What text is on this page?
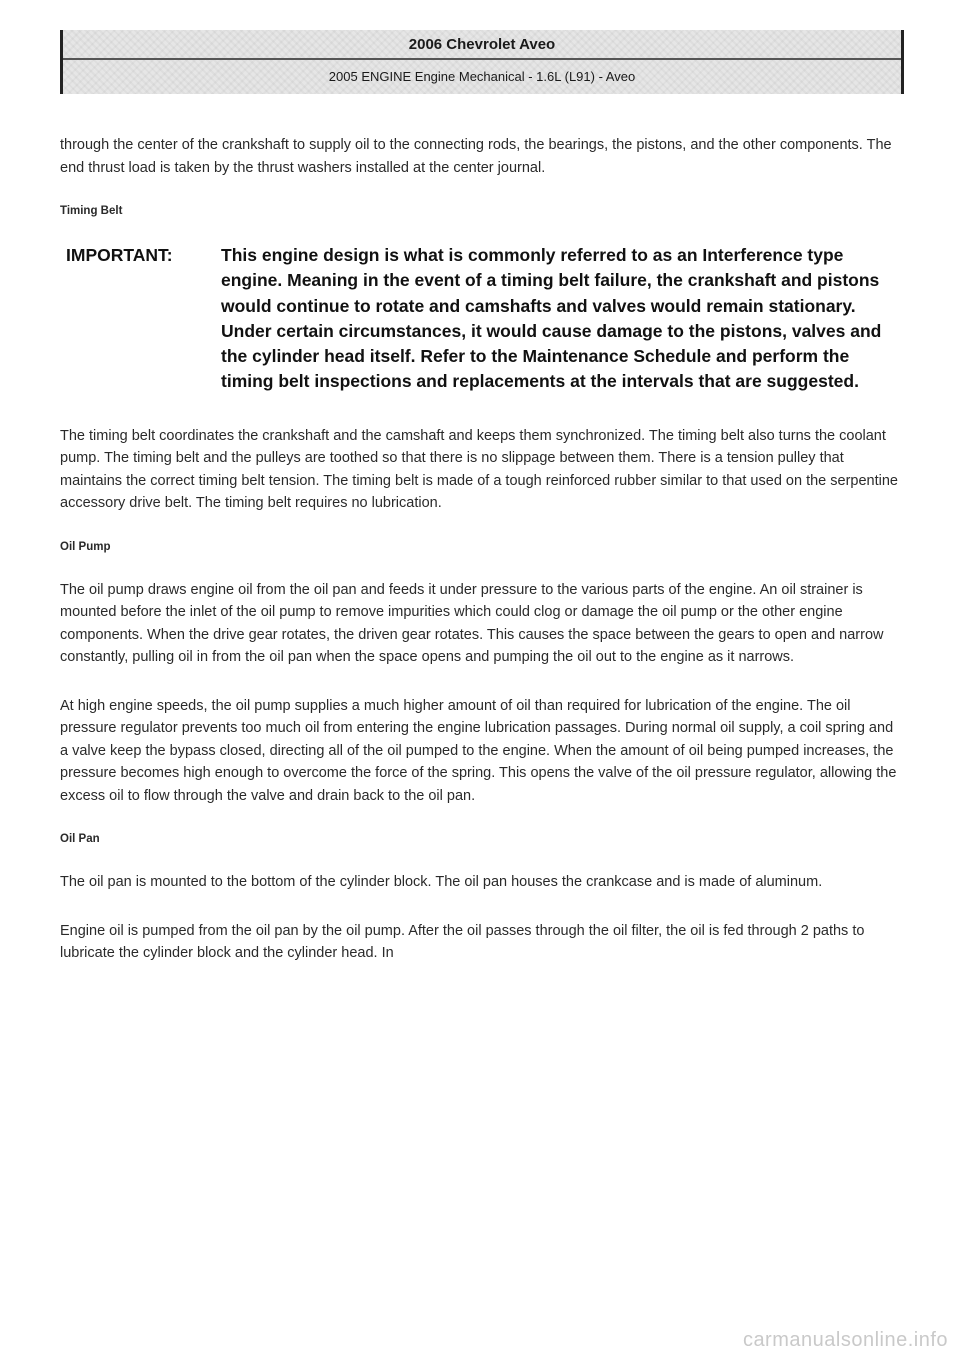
2006 Chevrolet Aveo
2005 ENGINE Engine Mechanical - 1.6L (L91) - Aveo

through the center of the crankshaft to supply oil to the connecting rods, the bearings, the pistons, and the other components. The end thrust load is taken by the thrust washers installed at the center journal.

Timing Belt
IMPORTANT:	This engine design is what is commonly referred to as an Interference type engine. Meaning in the event of a timing belt failure, the crankshaft and pistons would continue to rotate and camshafts and valves would remain stationary. Under certain circumstances, it would cause damage to the pistons, valves and the cylinder head itself. Refer to the Maintenance Schedule and perform the timing belt inspections and replacements at the intervals that are suggested.

The timing belt coordinates the crankshaft and the camshaft and keeps them synchronized. The timing belt also turns the coolant pump. The timing belt and the pulleys are toothed so that there is no slippage between them. There is a tension pulley that maintains the correct timing belt tension. The timing belt is made of a tough reinforced rubber similar to that used on the serpentine accessory drive belt. The timing belt requires no lubrication.

Oil Pump

The oil pump draws engine oil from the oil pan and feeds it under pressure to the various parts of the engine. An oil strainer is mounted before the inlet of the oil pump to remove impurities which could clog or damage the oil pump or the other engine components. When the drive gear rotates, the driven gear rotates. This causes the space between the gears to open and narrow constantly, pulling oil in from the oil pan when the space opens and pumping the oil out to the engine as it narrows.

At high engine speeds, the oil pump supplies a much higher amount of oil than required for lubrication of the engine. The oil pressure regulator prevents too much oil from entering the engine lubrication passages. During normal oil supply, a coil spring and a valve keep the bypass closed, directing all of the oil pumped to the engine. When the amount of oil being pumped increases, the pressure becomes high enough to overcome the force of the spring. This opens the valve of the oil pressure regulator, allowing the excess oil to flow through the valve and drain back to the oil pan.

Oil Pan

The oil pan is mounted to the bottom of the cylinder block. The oil pan houses the crankcase and is made of aluminum.

Engine oil is pumped from the oil pan by the oil pump. After the oil passes through the oil filter, the oil is fed through 2 paths to lubricate the cylinder block and the cylinder head. In

carmanualsonline.info
